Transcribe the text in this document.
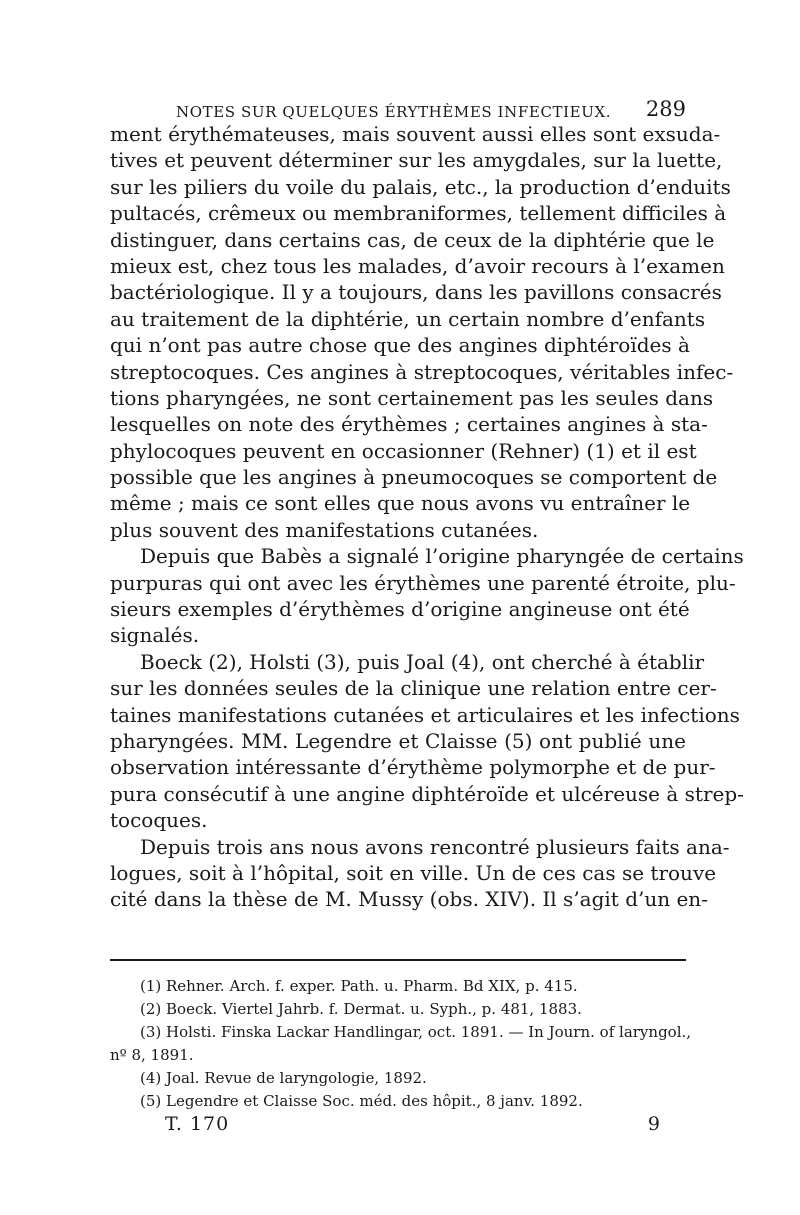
NOTES SUR QUELQUES ÉRYTHÈMES INFECTIEUX. 289
ment érythémateuses, mais souvent aussi elles sont exsuda-
tives et peuvent déterminer sur les amygdales, sur la luette,
sur les piliers du voile du palais, etc., la production d’enduits
pultacés, crêmeux ou membraniformes, tellement difficiles à
distinguer, dans certains cas, de ceux de la diphtérie que le
mieux est, chez tous les malades, d’avoir recours à l’examen
bactériologique. Il y a toujours, dans les pavillons consacrés
au traitement de la diphtérie, un certain nombre d’enfants
qui n’ont pas autre chose que des angines diphtéroïdes à
streptocoques. Ces angines à streptocoques, véritables infec-
tions pharyngées, ne sont certainement pas les seules dans
lesquelles on note des érythèmes ; certaines angines à sta-
phylocoques peuvent en occasionner (Rehner) (1) et il est
possible que les angines à pneumocoques se comportent de
même ; mais ce sont elles que nous avons vu entraîner le
plus souvent des manifestations cutanées.
Depuis que Babès a signalé l’origine pharyngée de certains
purpuras qui ont avec les érythèmes une parenté étroite, plu-
sieurs exemples d’érythèmes d’origine angineuse ont été
signalés.
Boeck (2), Holsti (3), puis Joal (4), ont cherché à établir
sur les données seules de la clinique une relation entre cer-
taines manifestations cutanées et articulaires et les infections
pharyngées. MM. Legendre et Claisse (5) ont publié une
observation intéressante d’érythème polymorphe et de pur-
pura consécutif à une angine diphtéroïde et ulcéreuse à strep-
tocoques.
Depuis trois ans nous avons rencontré plusieurs faits ana-
logues, soit à l’hôpital, soit en ville. Un de ces cas se trouve
cité dans la thèse de M. Mussy (obs. XIV). Il s’agit d’un en-
(1) Rehner. Arch. f. exper. Path. u. Pharm. Bd XIX, p. 415.
(2) Boeck. Viertel Jahrb. f. Dermat. u. Syph., p. 481, 1883.
(3) Holsti. Finska Lackar Handlingar, oct. 1891. — In Journ. of laryngol.,
nº 8, 1891.
(4) Joal. Revue de laryngologie, 1892.
(5) Legendre et Claisse Soc. méd. des hôpit., 8 janv. 1892.
T. 170	9
